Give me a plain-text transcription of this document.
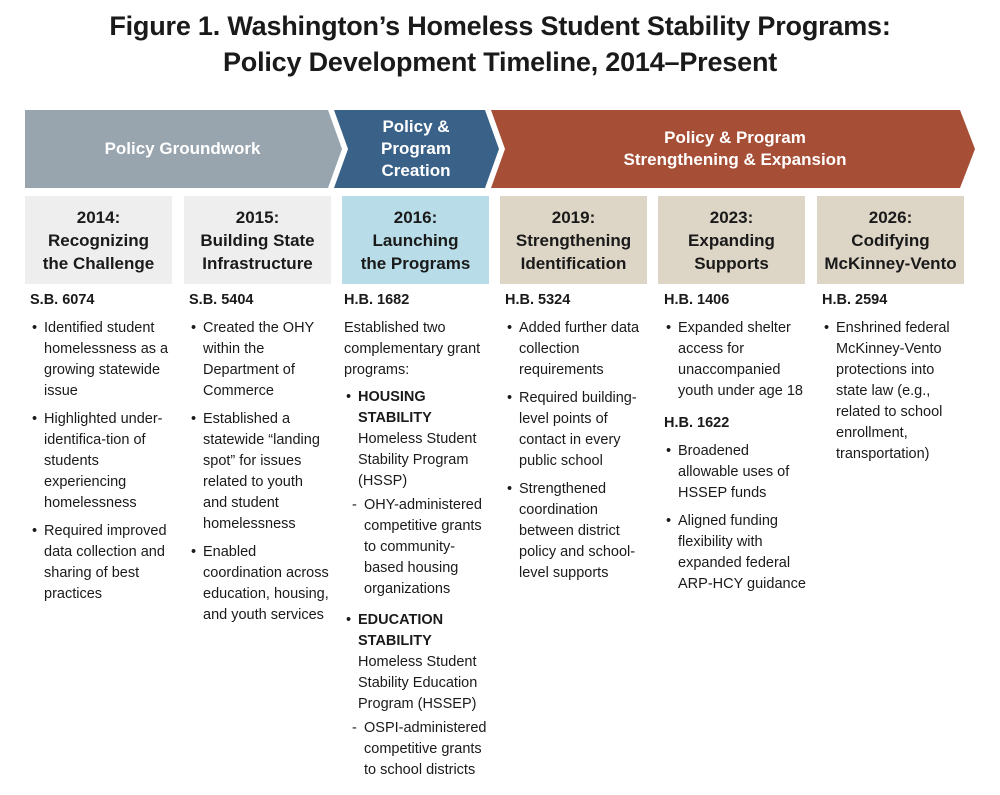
Figure 1. Washington’s Homeless Student Stability Programs:
Policy Development Timeline, 2014–Present
Policy Groundwork
Policy &
Program
Creation
Policy & Program
Strengthening & Expansion
2014:
Recognizing
the Challenge
2015:
Building State
Infrastructure
2016:
Launching
the Programs
2019:
Strengthening
Identification
2023:
Expanding
Supports
2026:
Codifying
McKinney-Vento
S.B. 6074
• Identified student homelessness as a growing statewide issue
• Highlighted under-identifica-tion of students experiencing homelessness
• Required improved data collection and sharing of best practices
S.B. 5404
• Created the OHY within the Department of Commerce
• Established a statewide “landing spot” for issues related to youth and student homelessness
• Enabled coordination across education, housing, and youth services
H.B. 1682
Established two complementary grant programs:
• HOUSING STABILITY
Homeless Student Stability Program (HSSP)
- OHY-administered competitive grants to community-based housing organizations
• EDUCATION STABILITY
Homeless Student Stability Education Program (HSSEP)
- OSPI-administered competitive grants to school districts
H.B. 5324
• Added further data collection requirements
• Required building-level points of contact in every public school
• Strengthened coordination between district policy and school-level supports
H.B. 1406
• Expanded shelter access for unaccompanied youth under age 18
H.B. 1622
• Broadened allowable uses of HSSEP funds
• Aligned funding flexibility with expanded federal ARP-HCY guidance
H.B. 2594
• Enshrined federal McKinney-Vento protections into state law (e.g., related to school enrollment, transportation)
